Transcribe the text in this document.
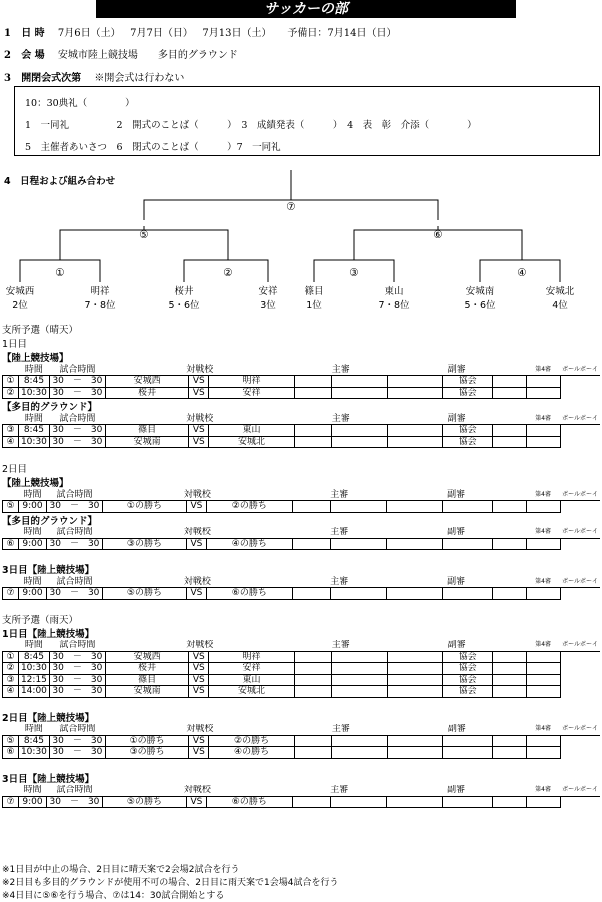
サッカーの部
1 日 時 7月6日（土） 7月7日（日） 7月13日（土） 予備日：7月14日（日）
2 会 場 安城市陸上競技場　　多目的グラウンド
3 開閉会式次第 ※開会式は行わない
10：30典礼（　　　　）
1　一同礼　　　　　2　開式のことば（　　　）　3　成績発表（　　　）　4　表　彰　介添（　　　　）
5　主催者あいさつ　6　閉式のことば（　　　）7　一同礼
4　日程および組み合わせ
⑦
⑤	⑥
①	②	③	④
安城西
2位
明祥
7・8位
桜井
5・6位
安祥
3位
篠目
1位
東山
7・8位
安城南
5・6位
安城北
4位
支所予選（晴天）
1日目
【陸上競技場】
	時間	試合時間	対戦校			主審		副審			第4審	ボールボーイ
①	8:45	30　－　30	安城西	VS	明祥				協会			
②	10:30	30　－　30	桜井	VS	安祥				協会			
【多目的グラウンド】
	時間	試合時間	対戦校			主審		副審			第4審	ボールボーイ
③	8:45	30　－　30	篠目	VS	東山				協会			
④	10:30	30　－　30	安城南	VS	安城北				協会			
2日目
【陸上競技場】
	時間	試合時間	対戦校			主審		副審			第4審	ボールボーイ
⑤	9:00	30　－　30	①の勝ち	VS	②の勝ち							
【多目的グラウンド】
	時間	試合時間	対戦校			主審		副審			第4審	ボールボーイ
⑥	9:00	30　－　30	③の勝ち	VS	④の勝ち							
3日目【陸上競技場】
	時間	試合時間	対戦校			主審		副審			第4審	ボールボーイ
⑦	9:00	30　－　30	⑤の勝ち	VS	⑥の勝ち							
支所予選（雨天）
1日目【陸上競技場】
	時間	試合時間	対戦校			主審		副審			第4審	ボールボーイ
①	8:45	30　－　30	安城西	VS	明祥				協会			
②	10:30	30　－　30	桜井	VS	安祥				協会			
③	12:15	30　－　30	篠目	VS	東山				協会			
④	14:00	30　－　30	安城南	VS	安城北				協会			
2日目【陸上競技場】
	時間	試合時間	対戦校			主審		副審			第4審	ボールボーイ
⑤	8:45	30　－　30	①の勝ち	VS	②の勝ち							
⑥	10:30	30　－　30	③の勝ち	VS	④の勝ち							
3日目【陸上競技場】
	時間	試合時間	対戦校			主審		副審			第4審	ボールボーイ
⑦	9:00	30　－　30	⑤の勝ち	VS	⑥の勝ち							
※1日目が中止の場合、2日目に晴天案で2会場2試合を行う
※2日目も多目的グラウンドが使用不可の場合、2日目に雨天案で1会場4試合を行う
※4日目に⑤⑥を行う場合、⑦は14：30試合開始とする
